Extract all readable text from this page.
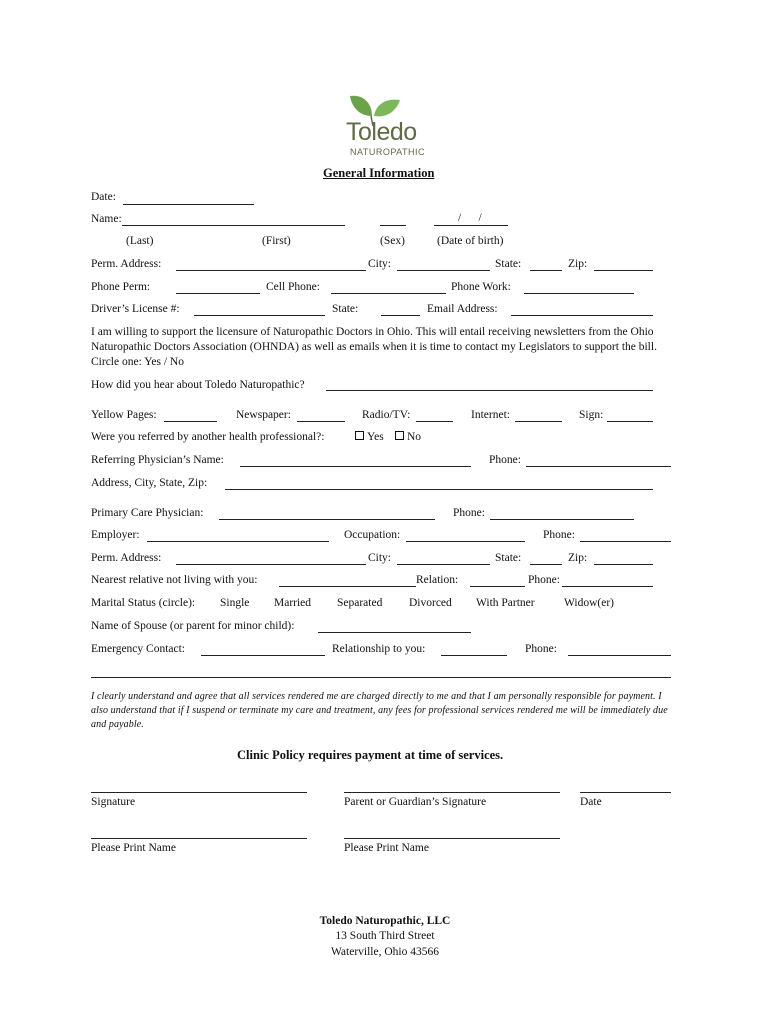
Toledo
NATUROPATHIC
General Information
Date:
Name:	/      /
(Last)	(First)	(Sex)	(Date of birth)
Perm. Address:	City:	State:	Zip:
Phone Perm:	Cell Phone:	Phone Work:
Driver’s License #:	State:	Email Address:
I am willing to support the licensure of Naturopathic Doctors in Ohio. This will entail receiving newsletters from the Ohio Naturopathic Doctors Association (OHNDA) as well as emails when it is time to contact my Legislators to support the bill. Circle one: Yes / No
How did you hear about Toledo Naturopathic?
Yellow Pages:	Newspaper:	Radio/TV:	Internet:	Sign:
Were you referred by another health professional?:	Yes	No
Referring Physician’s Name:	Phone:
Address, City, State, Zip:
Primary Care Physician:	Phone:
Employer:	Occupation:	Phone:
Perm. Address:	City:	State:	Zip:
Nearest relative not living with you:	Relation:	Phone:
Marital Status (circle): Single Married Separated Divorced With Partner	Widow(er)
Name of Spouse (or parent for minor child):
Emergency Contact:	Relationship to you:	Phone:
I clearly understand and agree that all services rendered me are charged directly to me and that I am personally responsible for payment. I also understand that if I suspend or terminate my care and treatment, any fees for professional services rendered me will be immediately due and payable.
Clinic Policy requires payment at time of services.
Signature	Parent or Guardian’s Signature	Date
Please Print Name	Please Print Name
Toledo Naturopathic, LLC
13 South Third Street
Waterville, Ohio 43566
